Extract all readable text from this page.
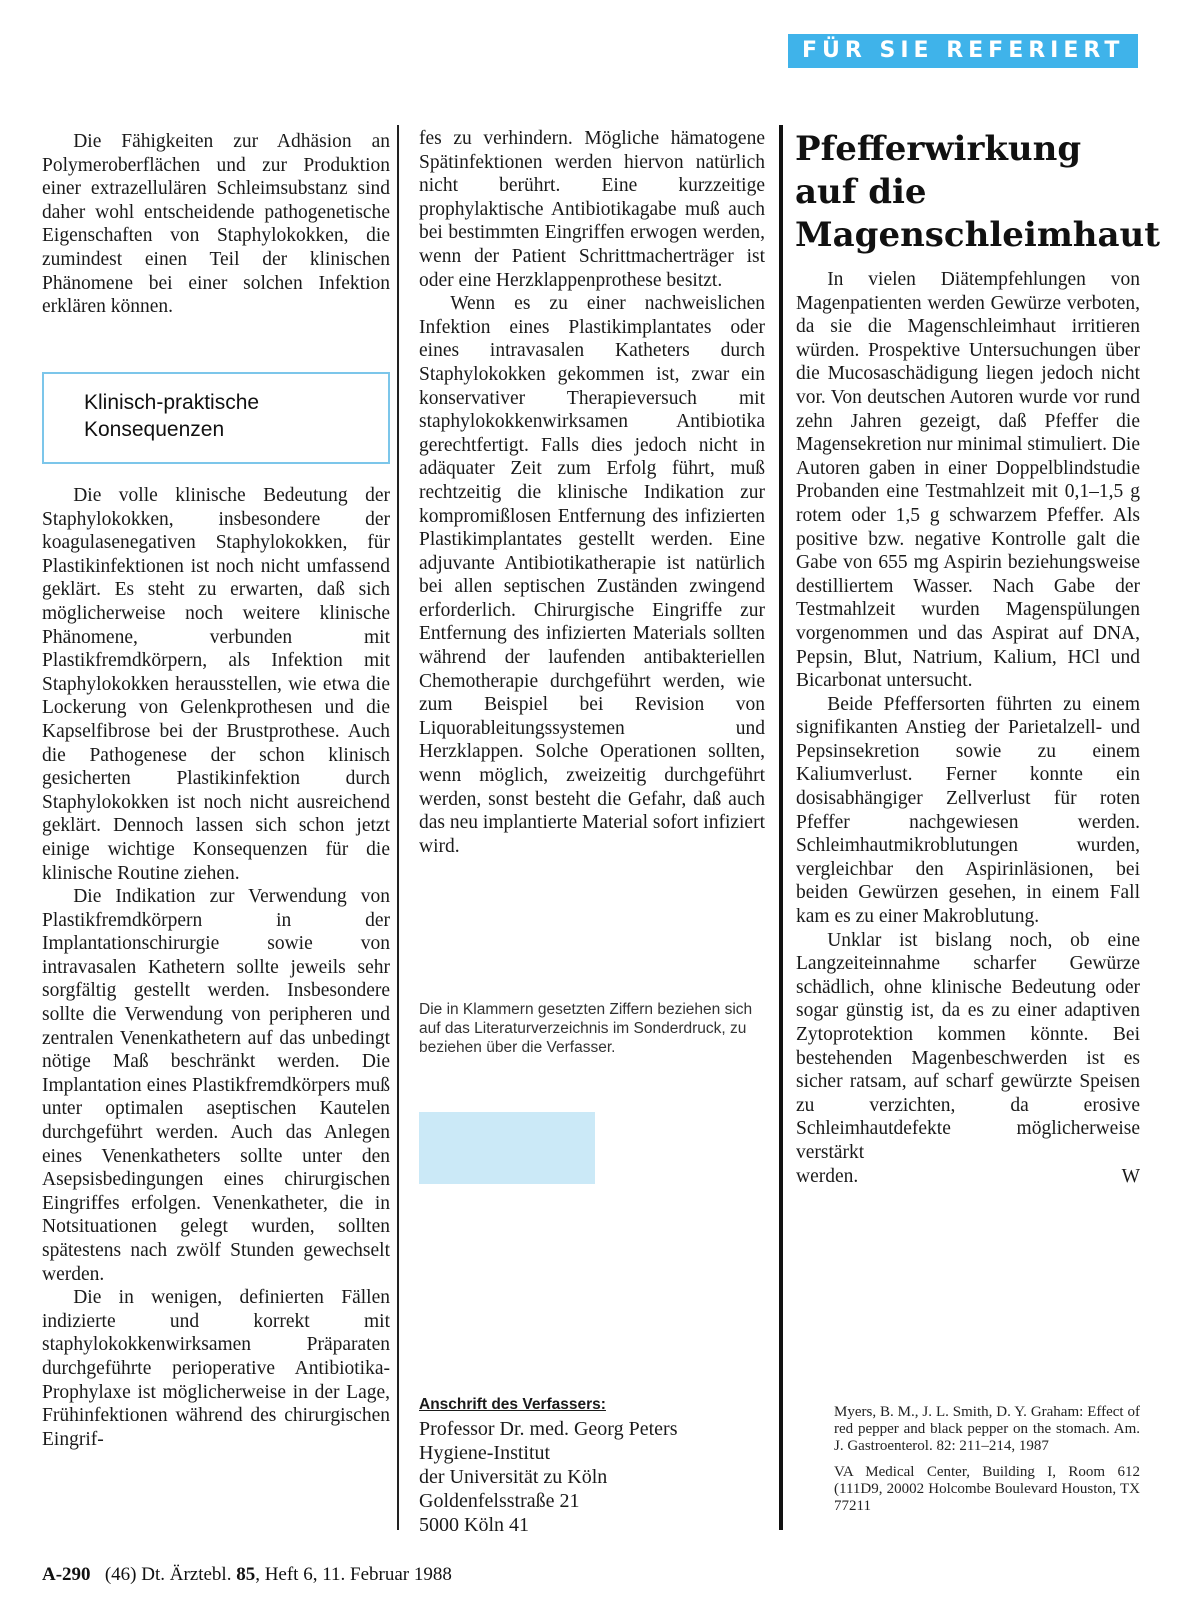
FÜR SIE REFERIERT

Die Fähigkeiten zur Adhäsion an Polymeroberflächen und zur Produktion einer extrazellulären Schleimsubstanz sind daher wohl entscheidende pathogenetische Eigenschaften von Staphylokokken, die zumindest einen Teil der klinischen Phänomene bei einer solchen Infektion erklären können.

Klinisch-praktische
Konsequenzen

Die volle klinische Bedeutung der Staphylokokken, insbesondere der koagulasenegativen Staphylokokken, für Plastikinfektionen ist noch nicht umfassend geklärt. Es steht zu erwarten, daß sich möglicherweise noch weitere klinische Phänomene, verbunden mit Plastikfremdkörpern, als Infektion mit Staphylokokken herausstellen, wie etwa die Lockerung von Gelenkprothesen und die Kapselfibrose bei der Brustprothese. Auch die Pathogenese der schon klinisch gesicherten Plastikinfektion durch Staphylokokken ist noch nicht ausreichend geklärt. Dennoch lassen sich schon jetzt einige wichtige Konsequenzen für die klinische Routine ziehen.

Die Indikation zur Verwendung von Plastikfremdkörpern in der Implantationschirurgie sowie von intravasalen Kathetern sollte jeweils sehr sorgfältig gestellt werden. Insbesondere sollte die Verwendung von peripheren und zentralen Venenkathetern auf das unbedingt nötige Maß beschränkt werden. Die Implantation eines Plastikfremdkörpers muß unter optimalen aseptischen Kautelen durchgeführt werden. Auch das Anlegen eines Venenkatheters sollte unter den Asepsisbedingungen eines chirurgischen Eingriffes erfolgen. Venenkatheter, die in Notsituationen gelegt wurden, sollten spätestens nach zwölf Stunden gewechselt werden.

Die in wenigen, definierten Fällen indizierte und korrekt mit staphylokokkenwirksamen Präparaten durchgeführte perioperative Antibiotika-Prophylaxe ist möglicherweise in der Lage, Frühinfektionen während des chirurgischen Eingrif-

fes zu verhindern. Mögliche hämatogene Spätinfektionen werden hiervon natürlich nicht berührt. Eine kurzzeitige prophylaktische Antibiotikagabe muß auch bei bestimmten Eingriffen erwogen werden, wenn der Patient Schrittmacherträger ist oder eine Herzklappenprothese besitzt.

Wenn es zu einer nachweislichen Infektion eines Plastikimplantates oder eines intravasalen Katheters durch Staphylokokken gekommen ist, zwar ein konservativer Therapieversuch mit staphylokokkenwirksamen Antibiotika gerechtfertigt. Falls dies jedoch nicht in adäquater Zeit zum Erfolg führt, muß rechtzeitig die klinische Indikation zur kompromißlosen Entfernung des infizierten Plastikimplantates gestellt werden. Eine adjuvante Antibiotikatherapie ist natürlich bei allen septischen Zuständen zwingend erforderlich. Chirurgische Eingriffe zur Entfernung des infizierten Materials sollten während der laufenden antibakteriellen Chemotherapie durchgeführt werden, wie zum Beispiel bei Revision von Liquorableitungssystemen und Herzklappen. Solche Operationen sollten, wenn möglich, zweizeitig durchgeführt werden, sonst besteht die Gefahr, daß auch das neu implantierte Material sofort infiziert wird.

Die in Klammern gesetzten Ziffern beziehen sich auf das Literaturverzeichnis im Sonderdruck, zu beziehen über die Verfasser.
Anschrift des Verfassers:
Professor Dr. med. Georg Peters
Hygiene-Institut
der Universität zu Köln
Goldenfelsstraße 21
5000 Köln 41
Pfefferwirkung
auf die
Magenschleimhaut

In vielen Diätempfehlungen von Magenpatienten werden Gewürze verboten, da sie die Magenschleimhaut irritieren würden. Prospektive Untersuchungen über die Mucosaschädigung liegen jedoch nicht vor. Von deutschen Autoren wurde vor rund zehn Jahren gezeigt, daß Pfeffer die Magensekretion nur minimal stimuliert. Die Autoren gaben in einer Doppelblindstudie Probanden eine Testmahlzeit mit 0,1–1,5 g rotem oder 1,5 g schwarzem Pfeffer. Als positive bzw. negative Kontrolle galt die Gabe von 655 mg Aspirin beziehungsweise destilliertem Wasser. Nach Gabe der Testmahlzeit wurden Magenspülungen vorgenommen und das Aspirat auf DNA, Pepsin, Blut, Natrium, Kalium, HCl und Bicarbonat untersucht.

Beide Pfeffersorten führten zu einem signifikanten Anstieg der Parietalzell- und Pepsinsekretion sowie zu einem Kaliumverlust. Ferner konnte ein dosisabhängiger Zellverlust für roten Pfeffer nachgewiesen werden. Schleimhautmikroblutungen wurden, vergleichbar den Aspirinläsionen, bei beiden Gewürzen gesehen, in einem Fall kam es zu einer Makroblutung.

Unklar ist bislang noch, ob eine Langzeiteinnahme scharfer Gewürze schädlich, ohne klinische Bedeutung oder sogar günstig ist, da es zu einer adaptiven Zytoprotektion kommen könnte. Bei bestehenden Magenbeschwerden ist es sicher ratsam, auf scharf gewürzte Speisen zu verzichten, da erosive Schleimhautdefekte möglicherweise verstärkt

werden.	W

Myers, B. M., J. L. Smith, D. Y. Graham: Effect of red pepper and black pepper on the stomach. Am. J. Gastroenterol. 82: 211–214, 1987

VA Medical Center, Building I, Room 612 (111D9, 20002 Holcombe Boulevard Houston, TX 77211

A-290 (46) Dt. Ärztebl. 85, Heft 6, 11. Februar 1988
